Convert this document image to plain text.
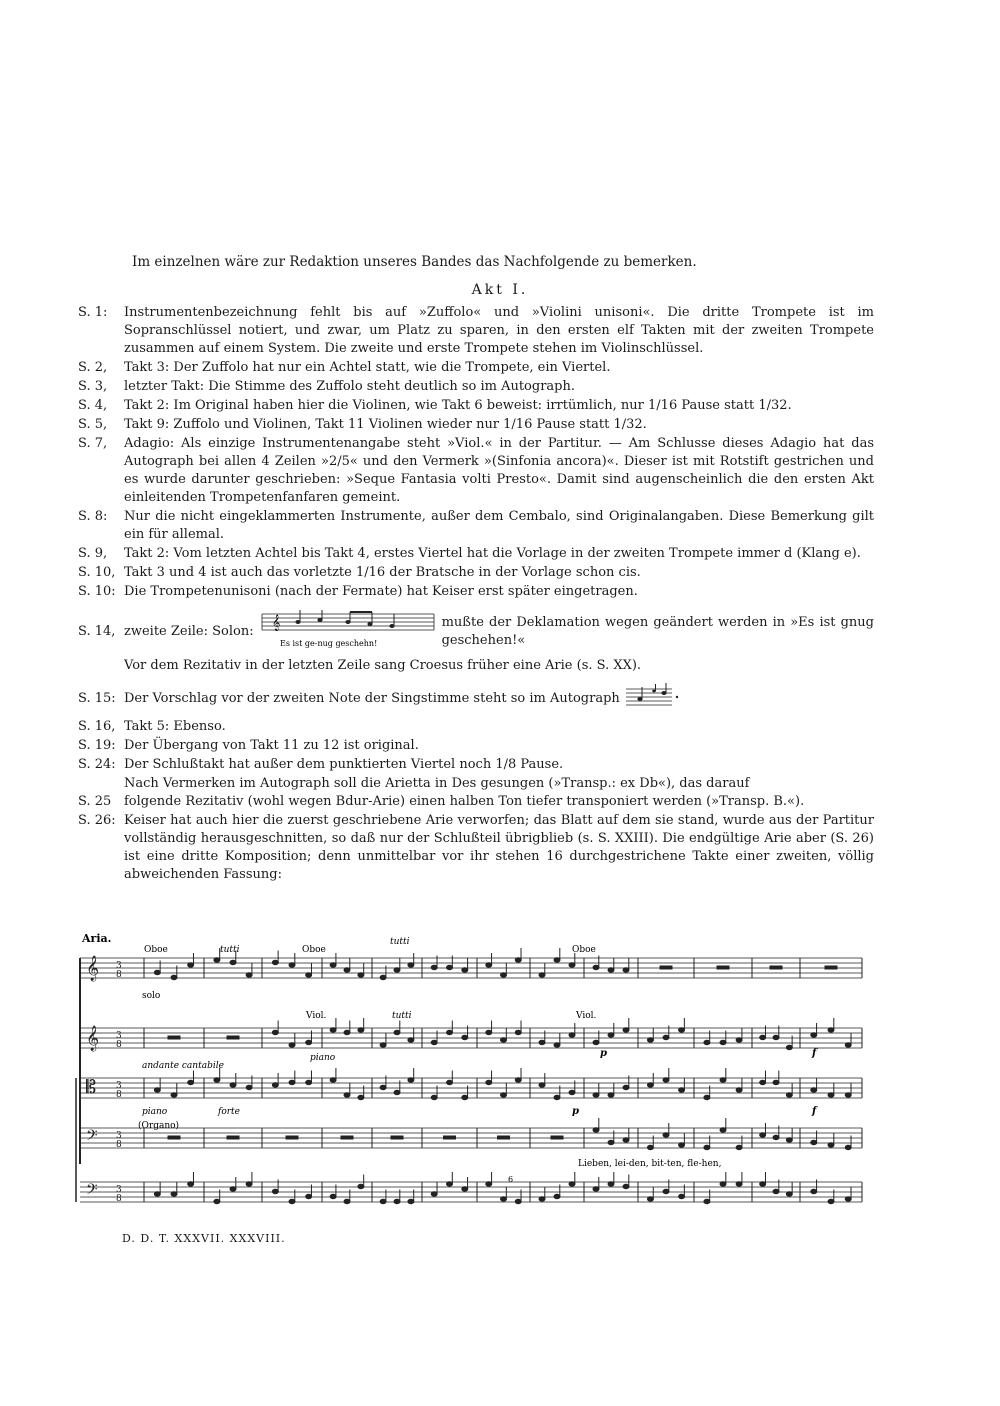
Im einzelnen wäre zur Redaktion unseres Bandes das Nachfolgende zu bemerken.
Akt I.
S. 1:	Instrumentenbezeichnung fehlt bis auf »Zuffolo« und »Violini unisoni«. Die dritte Trompete ist im Sopranschlüssel notiert, und zwar, um Platz zu sparen, in den ersten elf Takten mit der zweiten Trompete zusammen auf einem System. Die zweite und erste Trompete stehen im Violinschlüssel.
S. 2,	Takt 3: Der Zuffolo hat nur ein Achtel statt, wie die Trompete, ein Viertel.
S. 3,	letzter Takt: Die Stimme des Zuffolo steht deutlich so im Autograph.
S. 4,	Takt 2: Im Original haben hier die Violinen, wie Takt 6 beweist: irrtümlich, nur 1/16 Pause statt 1/32.
S. 5,	Takt 9: Zuffolo und Violinen, Takt 11 Violinen wieder nur 1/16 Pause statt 1/32.
S. 7,	Adagio: Als einzige Instrumentenangabe steht »Viol.« in der Partitur. — Am Schlusse dieses Adagio hat das Autograph bei allen 4 Zeilen »2/5« und den Vermerk »(Sinfonia ancora)«. Dieser ist mit Rotstift gestrichen und es wurde darunter geschrieben: »Seque Fantasia volti Presto«. Damit sind augenscheinlich die den ersten Akt einleitenden Trompetenfanfaren gemeint.
S. 8:	Nur die nicht eingeklammerten Instrumente, außer dem Cembalo, sind Originalangaben. Diese Bemerkung gilt ein für allemal.
S. 9,	Takt 2: Vom letzten Achtel bis Takt 4, erstes Viertel hat die Vorlage in der zweiten Trompete immer d (Klang e).
S. 10, Takt 3 und 4 ist auch das vorletzte 1/16 der Bratsche in der Vorlage schon cis.
S. 10: Die Trompetenunisoni (nach der Fermate) hat Keiser erst später eingetragen.
S. 14, zweite Zeile: Solon:
𝄞
Es ist ge-nug geschehn!
mußte der Deklamation wegen geändert werden in »Es ist gnug geschehen!«
Vor dem Rezitativ in der letzten Zeile sang Croesus früher eine Arie (s. S. XX).
S. 15: Der Vorschlag vor der zweiten Note der Singstimme steht so im Autograph
S. 16, Takt 5: Ebenso.
S. 19: Der Übergang von Takt 11 zu 12 ist original.
S. 24: Der Schlußtakt hat außer dem punktierten Viertel noch 1/8 Pause.
Nach Vermerken im Autograph soll die Arietta in Des gesungen (»Transp.: ex Db«), das darauf
S. 25 folgende Rezitativ (wohl wegen Bdur-Arie) einen halben Ton tiefer transponiert werden (»Transp. B.«).
S. 26: Keiser hat auch hier die zuerst geschriebene Arie verworfen; das Blatt auf dem sie stand, wurde aus der Partitur vollständig herausgeschnitten, so daß nur der Schlußteil übrigblieb (s. S. XXIII). Die endgültige Arie aber (S. 26) ist eine dritte Komposition; denn unmittelbar vor ihr stehen 16 durchgestrichene Takte einer zweiten, völlig abweichenden Fassung:
𝄞 3
8
𝄞 3
8
𝄡 3
8
𝄢 3
8
𝄢 3
8
Aria.
Oboe	tutti	Oboe
tutti
Oboe
solo
Viol.	tutti	Viol.
piano	p	f
andante cantabile
piano	forte	p	f
(Organo)
Lieben, lei-den, bit-ten, fle-hen,
6
D. D. T. XXXVII. XXXVIII.
